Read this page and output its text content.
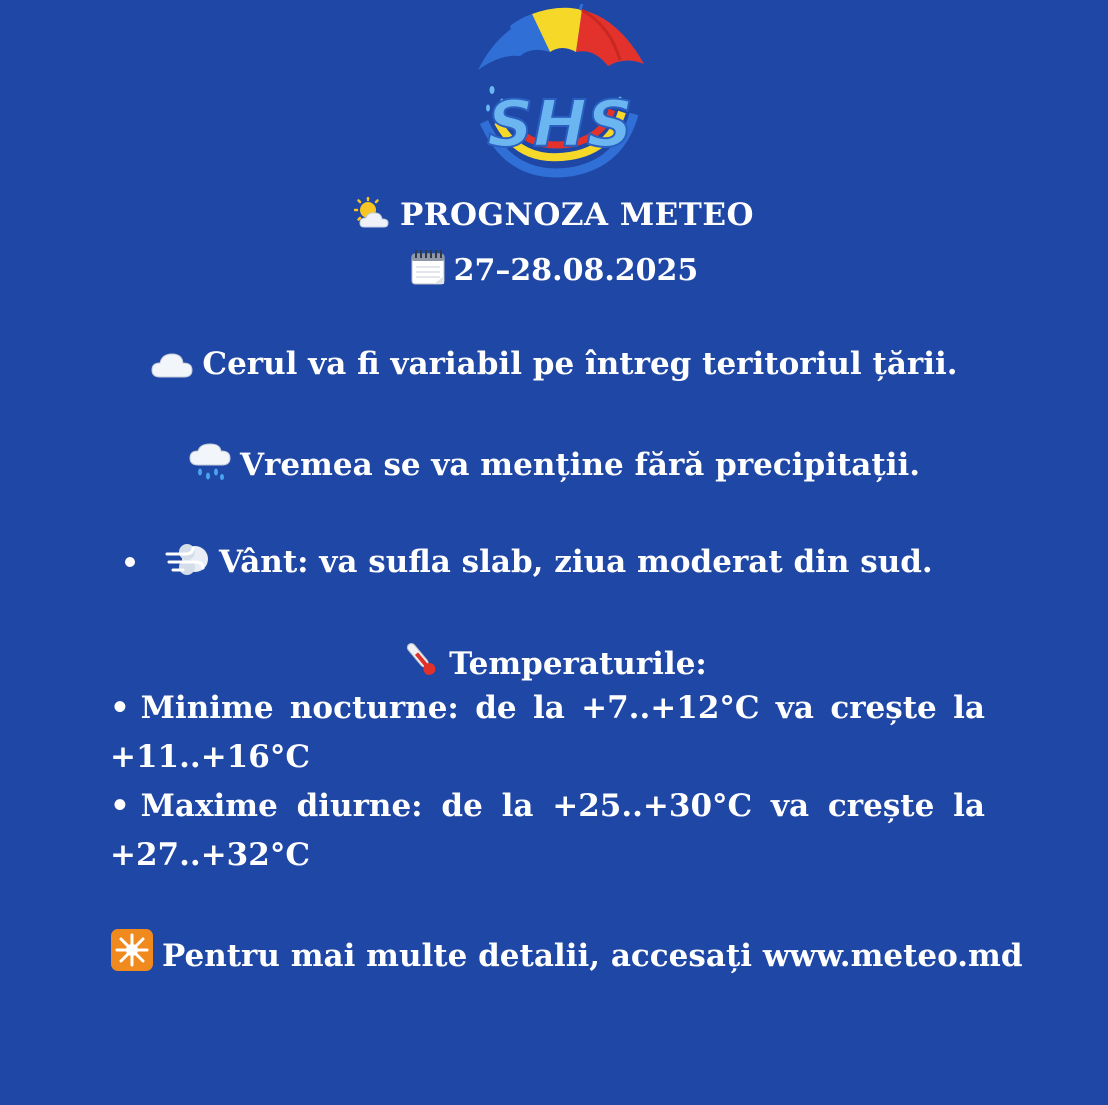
SHS
PROGNOZA METEO
27–28.08.2025
Cerul va fi variabil pe întreg teritoriul țării.
Vremea se va menține fără precipitații.
Vânt: va sufla slab, ziua moderat din sud.
Temperaturile:
• Minime nocturne: de la +7..+12°C va crește la
+11..+16°C
• Maxime diurne: de la +25..+30°C va crește la
+27..+32°C
Pentru mai multe detalii, accesați www.meteo.md
